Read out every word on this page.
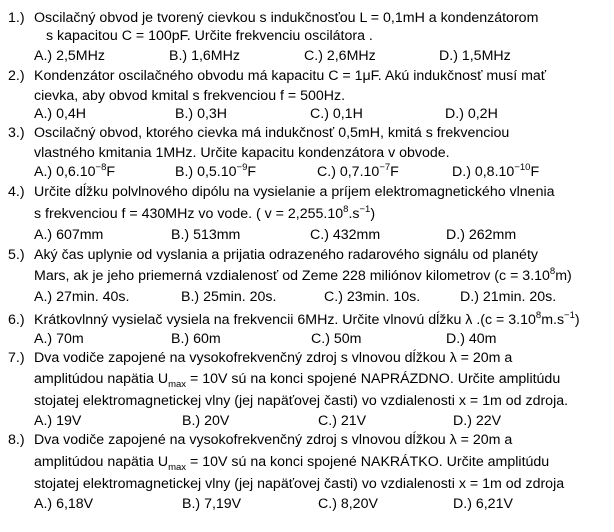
1.) Oscilačný obvod je tvorený cievkou s indukčnosťou L = 0,1mH a kondenzátorom
s kapacitou C = 100pF. Určite frekvenciu oscilátora .
A.) 2,5MHz	B.) 1,6MHz	C.) 2,6MHz	D.) 1,5MHz
2.) Kondenzátor oscilačného obvodu má kapacitu C = 1μF. Akú indukčnosť musí mať
cievka, aby obvod kmital s frekvenciou f = 500Hz.
A.) 0,4H	B.) 0,3H	C.) 0,1H	D.) 0,2H
3.) Oscilačný obvod, ktorého cievka má indukčnosť 0,5mH, kmitá s frekvenciou
vlastného kmitania 1MHz. Určite kapacitu kondenzátora v obvode.
A.) $0,6.10^{-8}F$	B.) $0,5.10^{-9}F$	C.) $0,7.10^{-7}F$	D.) $0,8.10^{-10}F$
4.) Určite dĺžku polvlnového dipólu na vysielanie a príjem elektromagnetického vlnenia
s frekvenciou f = 430MHz vo vode. ( $v = 2,255.10^8.s^{-1}$)
A.) 607mm	B.) 513mm	C.) 432mm	D.) 262mm
5.) Aký čas uplynie od vyslania a prijatia odrazeného radarového signálu od planéty
Mars, ak je jeho priemerná vzdialenosť od Zeme 228 miliónov kilometrov $(c = 3.10^8m)$
A.) 27min. 40s.	B.) 25min. 20s.	C.) 23min. 10s.	D.) 21min. 20s.
6.) Krátkovlnný vysielač vysiela na frekvencii 6MHz. Určite vlnovú dĺžku λ $.(c = 3.10^8m.s^{-1})$
A.) 70m	B.) 60m	C.) 50m	D.) 40m
7.) Dva vodiče zapojené na vysokofrekvenčný zdroj s vlnovou dĺžkou λ = 20m a
amplitúdou napätia $U_{max} = 10V$ sú na konci spojené NAPRÁZDNO. Určite amplitúdu
stojatej elektromagnetickej vlny (jej napäťovej časti) vo vzdialenosti x = 1m od zdroja.
A.) 19V	B.) 20V	C.) 21V	D.) 22V
8.) Dva vodiče zapojené na vysokofrekvenčný zdroj s vlnovou dĺžkou λ = 20m a
amplitúdou napätia $U_{max} = 10V$ sú na konci spojené NAKRÁTKO. Určite amplitúdu
stojatej elektromagnetickej vlny (jej napäťovej časti) vo vzdialenosti x = 1m od zdroja
A.) 6,18V	B.) 7,19V	C.) 8,20V	D.) 6,21V
